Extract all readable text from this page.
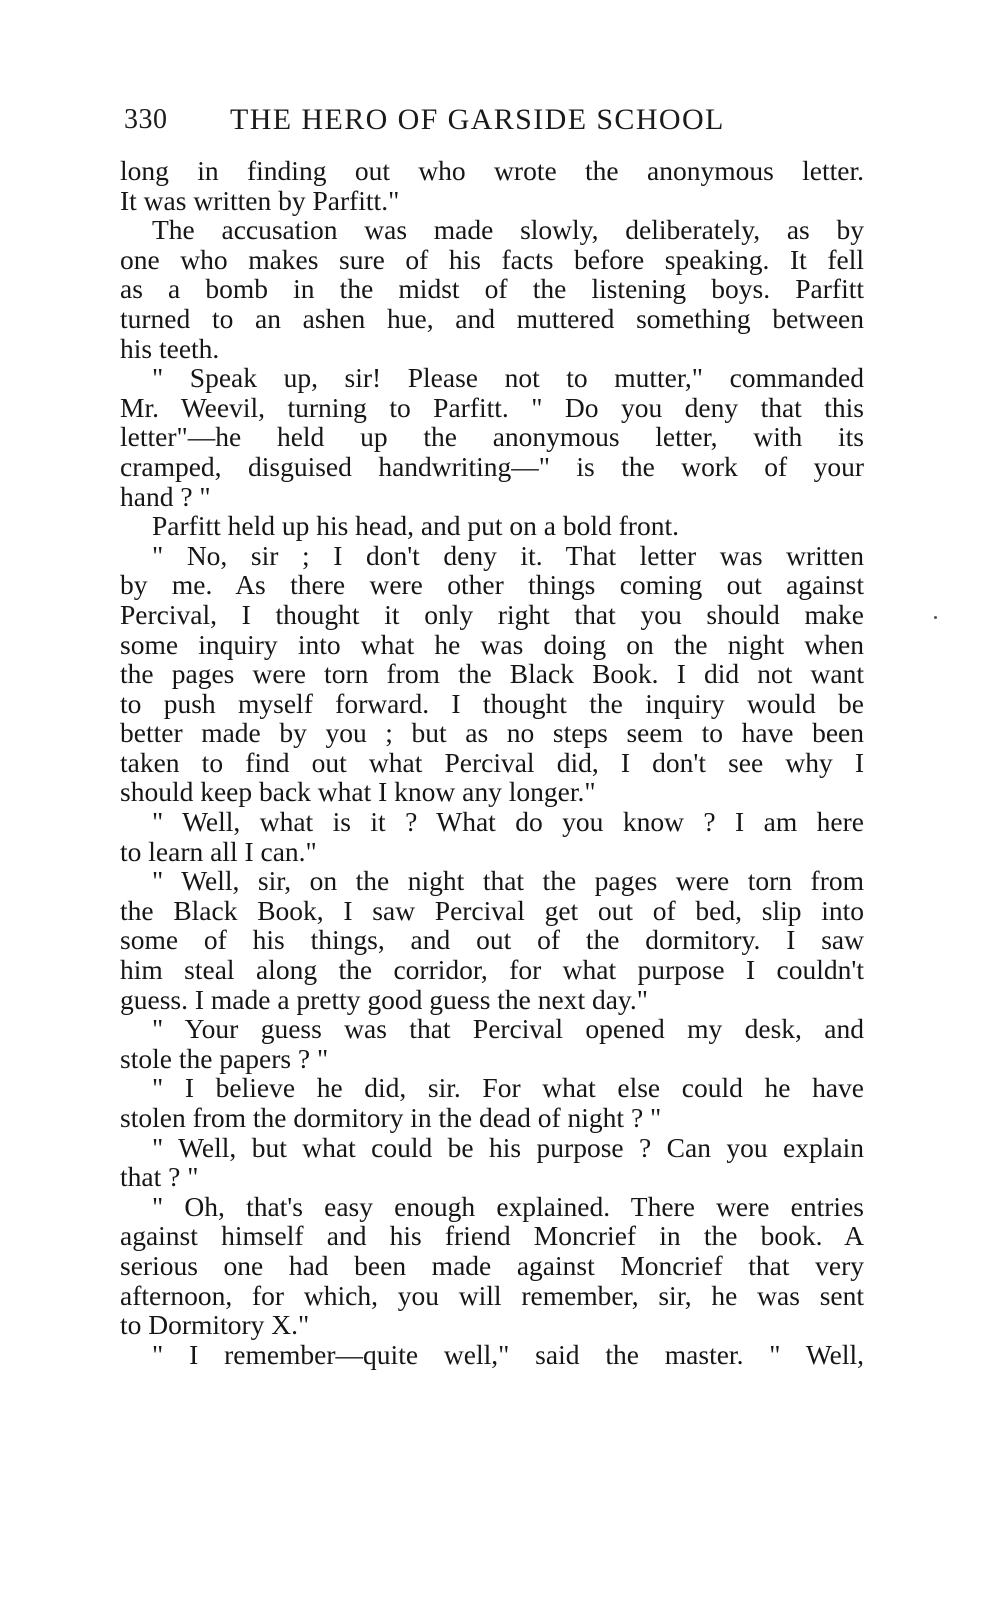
330 THE HERO OF GARSIDE SCHOOL
long in finding out who wrote the anonymous letter.
It was written by Parfitt."
The accusation was made slowly, deliberately, as by
one who makes sure of his facts before speaking. It fell
as a bomb in the midst of the listening boys. Parfitt
turned to an ashen hue, and muttered something between
his teeth.
" Speak up, sir! Please not to mutter," commanded
Mr. Weevil, turning to Parfitt. " Do you deny that this
letter"—he held up the anonymous letter, with its
cramped, disguised handwriting—" is the work of your
hand ? "
Parfitt held up his head, and put on a bold front.
" No, sir ; I don't deny it. That letter was written
by me. As there were other things coming out against
Percival, I thought it only right that you should make
some inquiry into what he was doing on the night when
the pages were torn from the Black Book. I did not want
to push myself forward. I thought the inquiry would be
better made by you ; but as no steps seem to have been
taken to find out what Percival did, I don't see why I
should keep back what I know any longer."
" Well, what is it ? What do you know ? I am here
to learn all I can."
" Well, sir, on the night that the pages were torn from
the Black Book, I saw Percival get out of bed, slip into
some of his things, and out of the dormitory. I saw
him steal along the corridor, for what purpose I couldn't
guess. I made a pretty good guess the next day."
" Your guess was that Percival opened my desk, and
stole the papers ? "
" I believe he did, sir. For what else could he have
stolen from the dormitory in the dead of night ? "
" Well, but what could be his purpose ? Can you explain
that ? "
" Oh, that's easy enough explained. There were entries
against himself and his friend Moncrief in the book. A
serious one had been made against Moncrief that very
afternoon, for which, you will remember, sir, he was sent
to Dormitory X."
" I remember—quite well," said the master. " Well,
